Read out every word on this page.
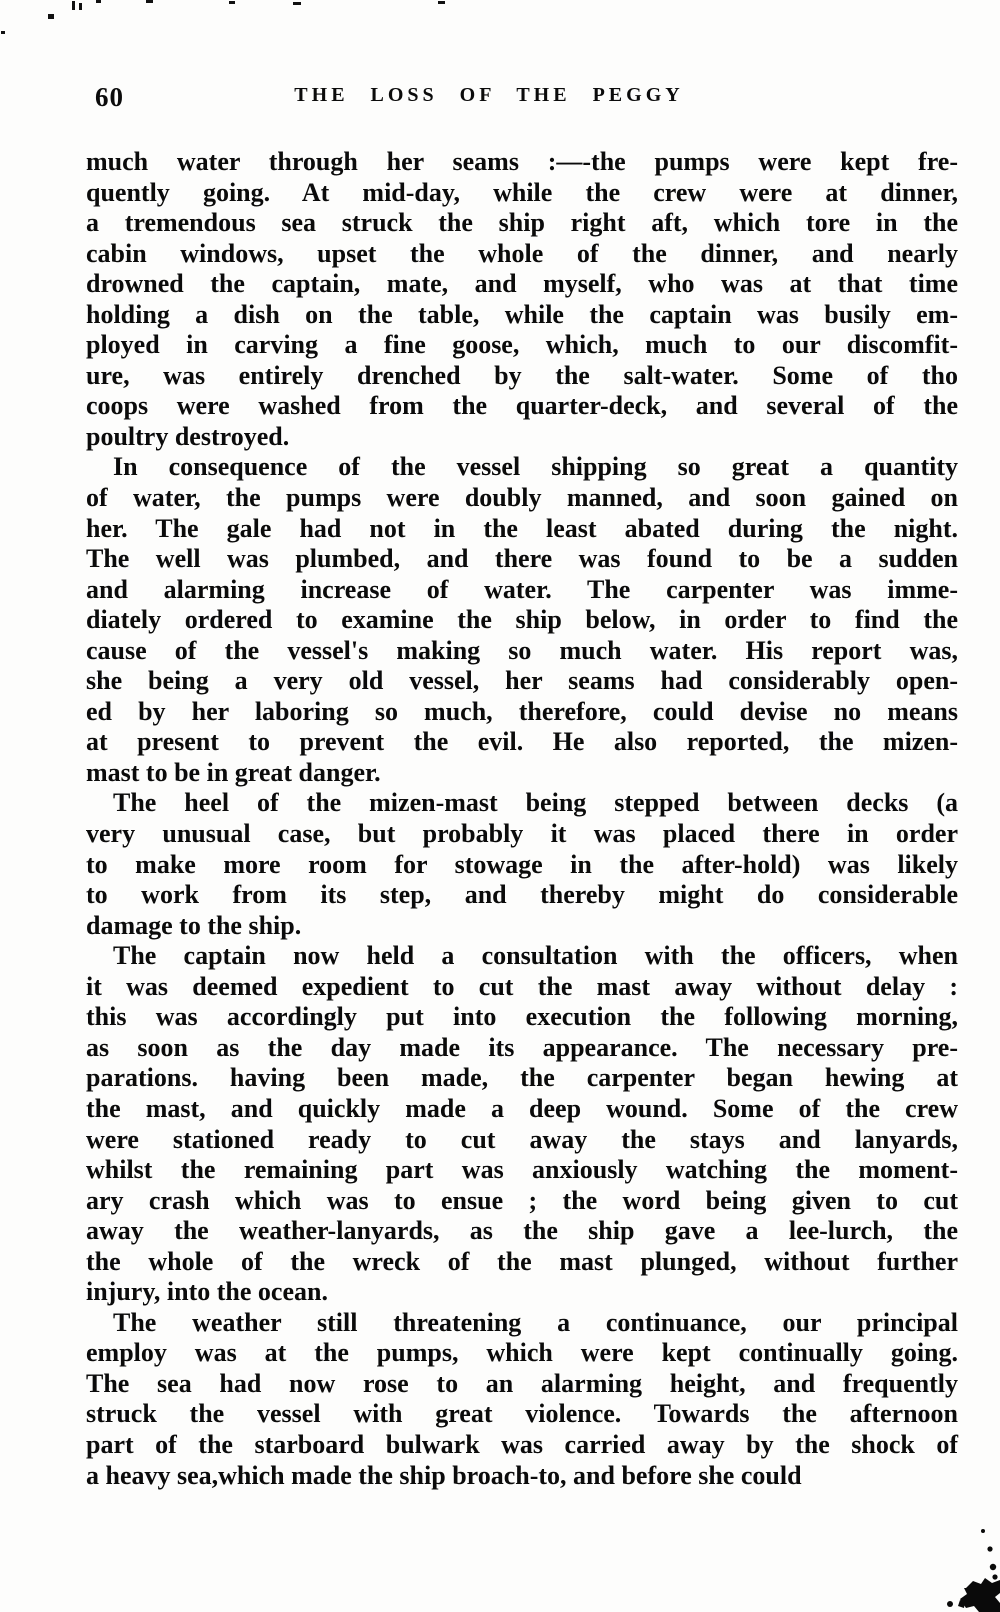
60	THE LOSS OF THE PEGGY
much water through her seams :—-the pumps were kept fre-
quently going. At mid-day, while the crew were at dinner,
a tremendous sea struck the ship right aft, which tore in the
cabin windows, upset the whole of the dinner, and nearly
drowned the captain, mate, and myself, who was at that time
holding a dish on the table, while the captain was busily em-
ployed in carving a fine goose, which, much to our discomfit-
ure, was entirely drenched by the salt-water. Some of tho
coops were washed from the quarter-deck, and several of the
poultry destroyed.
In consequence of the vessel shipping so great a quantity
of water, the pumps were doubly manned, and soon gained on
her. The gale had not in the least abated during the night.
The well was plumbed, and there was found to be a sudden
and alarming increase of water. The carpenter was imme-
diately ordered to examine the ship below, in order to find the
cause of the vessel's making so much water. His report was,
she being a very old vessel, her seams had considerably open-
ed by her laboring so much, therefore, could devise no means
at present to prevent the evil. He also reported, the mizen-
mast to be in great danger.
The heel of the mizen-mast being stepped between decks (a
very unusual case, but probably it was placed there in order
to make more room for stowage in the after-hold) was likely
to work from its step, and thereby might do considerable
damage to the ship.
The captain now held a consultation with the officers, when
it was deemed expedient to cut the mast away without delay :
this was accordingly put into execution the following morning,
as soon as the day made its appearance. The necessary pre-
parations. having been made, the carpenter began hewing at
the mast, and quickly made a deep wound. Some of the crew
were stationed ready to cut away the stays and lanyards,
whilst the remaining part was anxiously watching the moment-
ary crash which was to ensue ; the word being given to cut
away the weather-lanyards, as the ship gave a lee-lurch, the
the whole of the wreck of the mast plunged, without further
injury, into the ocean.
The weather still threatening a continuance, our principal
employ was at the pumps, which were kept continually going.
The sea had now rose to an alarming height, and frequently
struck the vessel with great violence. Towards the afternoon
part of the starboard bulwark was carried away by the shock of
a heavy sea,which made the ship broach-to, and before she could
